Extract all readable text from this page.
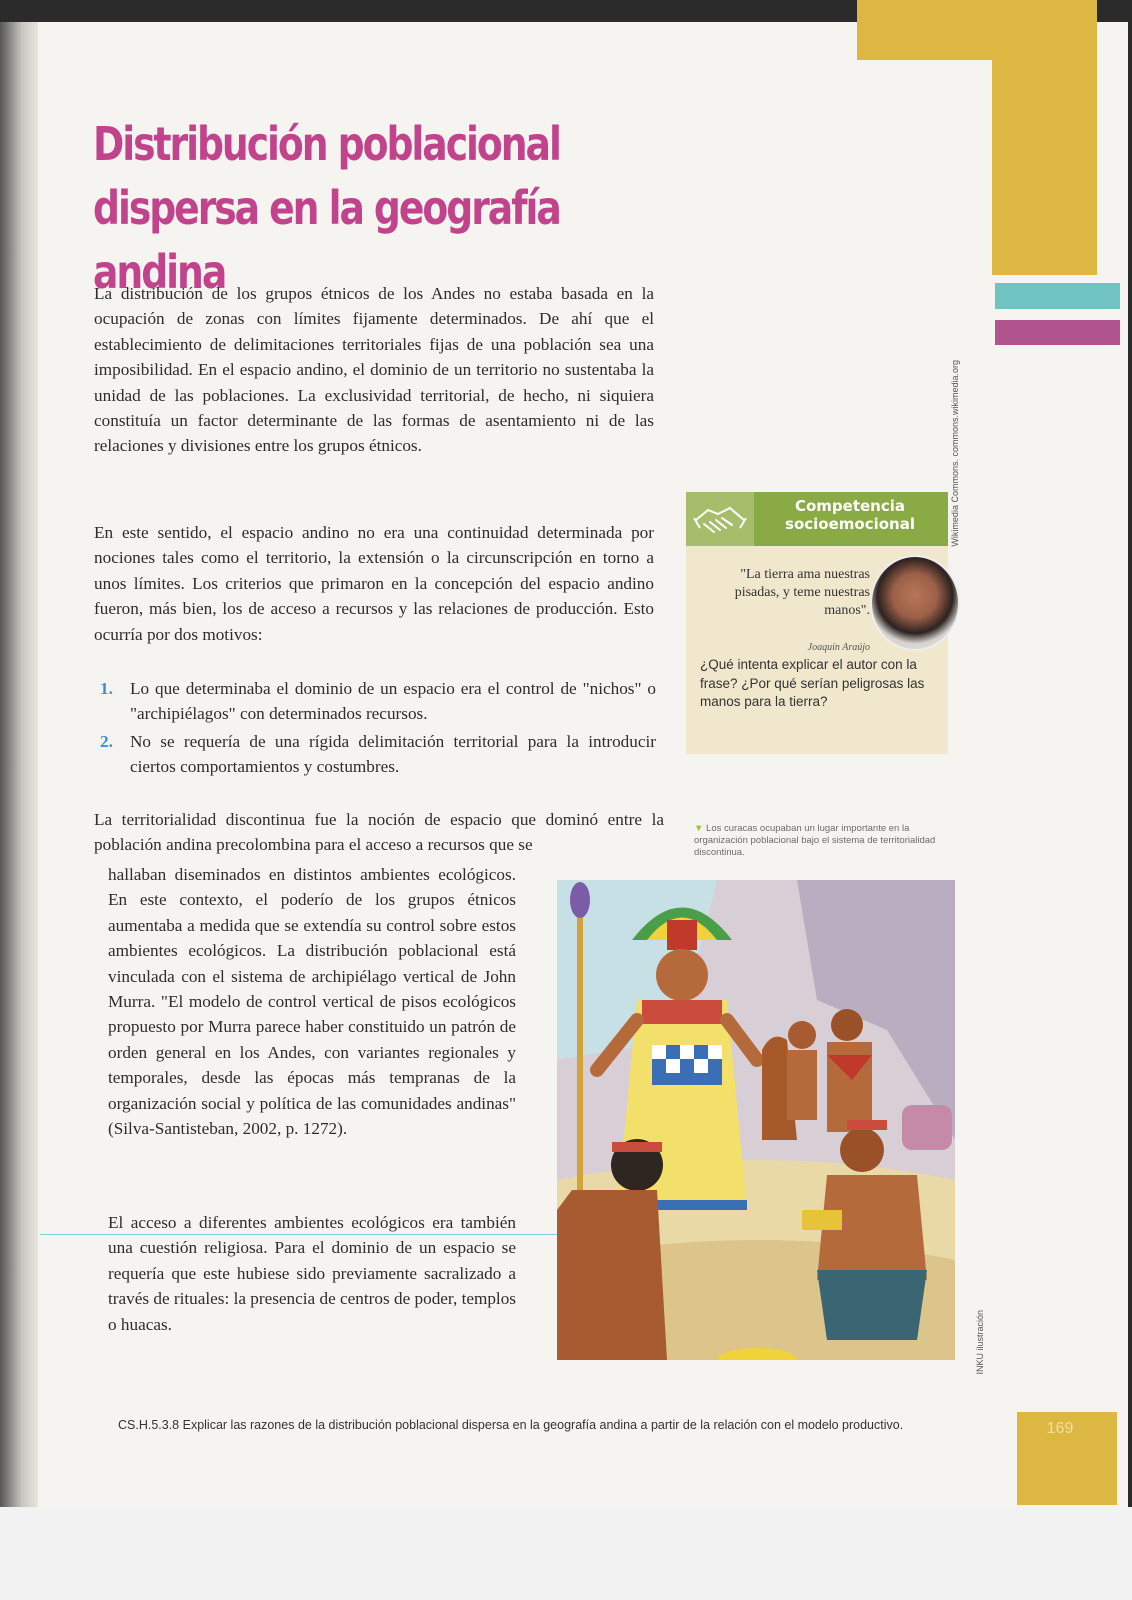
Distribución poblacional
dispersa en la geografía andina
La distribución de los grupos étnicos de los Andes no estaba basada en la ocupación de zonas con límites fijamente determinados. De ahí que el establecimiento de delimitaciones territoriales fijas de una población sea una imposibilidad. En el espacio andino, el dominio de un territorio no sustentaba la unidad de las poblaciones. La exclusividad territorial, de hecho, ni siquiera constituía un factor determinante de las formas de asentamiento ni de las relaciones y divisiones entre los grupos étnicos.
En este sentido, el espacio andino no era una continuidad determinada por nociones tales como el territorio, la extensión o la circunscripción en torno a unos límites. Los criterios que primaron en la concepción del espacio andino fueron, más bien, los de acceso a recursos y las relaciones de producción. Esto ocurría por dos motivos:
1. Lo que determinaba el dominio de un espacio era el control de "nichos" o "archipiélagos" con determinados recursos.
2. No se requería de una rígida delimitación territorial para la introducir ciertos comportamientos y costumbres.
La territorialidad discontinua fue la noción de espacio que dominó entre la población andina precolombina para el acceso a recursos que se
hallaban diseminados en distintos ambientes ecológicos. En este contexto, el poderío de los grupos étnicos aumentaba a medida que se extendía su control sobre estos ambientes ecológicos. La distribución poblacional está vinculada con el sistema de archipiélago vertical de John Murra. "El modelo de control vertical de pisos ecológicos propuesto por Murra parece haber constituido un patrón de orden general en los Andes, con variantes regionales y temporales, desde las épocas más tempranas de la organización social y política de las comunidades andinas" (Silva-Santisteban, 2002, p. 1272).
El acceso a diferentes ambientes ecológicos era también una cuestión religiosa. Para el dominio de un espacio se requería que este hubiese sido previamente sacralizado a través de rituales: la presencia de centros de poder, templos o huacas.
Competencia
socioemocional
"La tierra ama nuestras pisadas, y teme nuestras manos".
Joaquín Araújo
¿Qué intenta explicar el autor con la frase? ¿Por qué serían peligrosas las manos para la tierra?
Wikimedia Commons. commons.wikimedia.org
▼ Los curacas ocupaban un lugar importante en la organización poblacional bajo el sistema de territorialidad discontinua.
INKU ilustración
CS.H.5.3.8 Explicar las razones de la distribución poblacional dispersa en la geografía andina a partir de la relación con el modelo productivo.	169
